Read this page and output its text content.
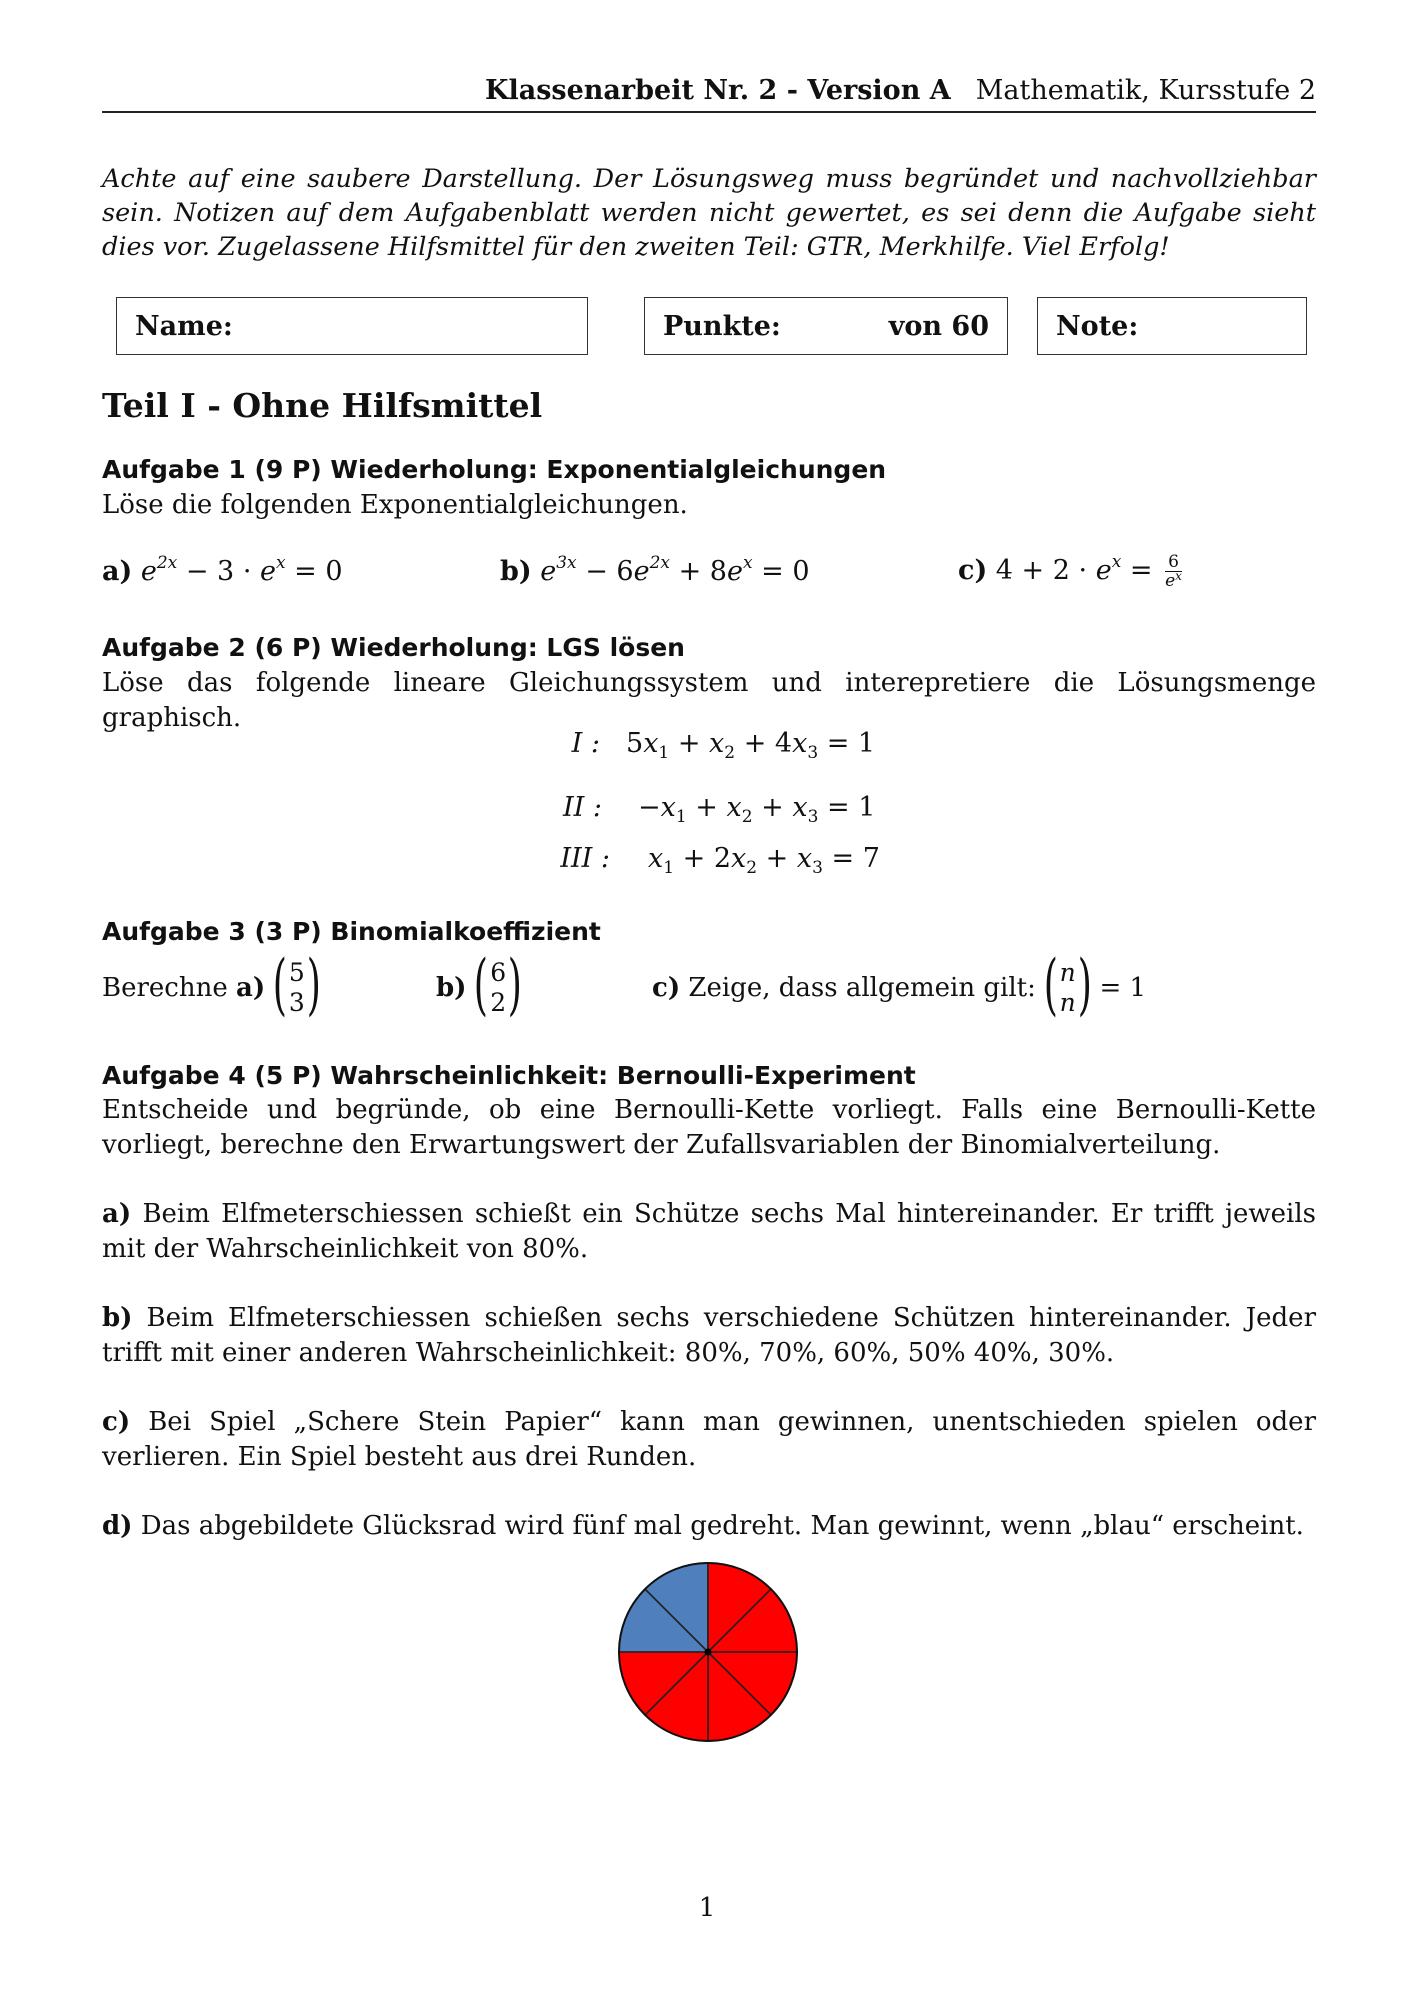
Klassenarbeit Nr. 2 - Version A Mathematik, Kursstufe 2
Achte auf eine saubere Darstellung. Der Lösungsweg muss begründet und nachvollziehbar sein. Notizen auf dem Aufgabenblatt werden nicht gewertet, es sei denn die Aufgabe sieht dies vor. Zugelassene Hilfsmittel für den zweiten Teil: GTR, Merkhilfe. Viel Erfolg!
Name:	Punkte:	von 60 Note:
Teil I - Ohne Hilfsmittel
Aufgabe 1 (9 P) Wiederholung: Exponentialgleichungen
Löse die folgenden Exponentialgleichungen.
a) $e^{2x} - 3 \cdot e^x = 0$	b) $e^{3x} - 6e^{2x} + 8e^x = 0$	c) $4 + 2 \cdot e^x = \frac{6}{e^x}$
Aufgabe 2 (6 P) Wiederholung: LGS lösen
Löse das folgende lineare Gleichungssystem und interepretiere die Lösungsmenge graphisch.
I : $5x_1 + x_2 + 4x_3 = 1$
II : $-x_1 + x_2 + x_3 = 1$
III : $x_1 + 2x_2 + x_3 = 7$
Aufgabe 3 (3 P) Binomialkoeffizient
Berechne
a) ( 5
3 )	b) ( 6
2 )	c)
Zeige, dass allgemein gilt: ( n
n ) = 1
Aufgabe 4 (5 P) Wahrscheinlichkeit: Bernoulli-Experiment
Entscheide und begründe, ob eine Bernoulli-Kette vorliegt. Falls eine Bernoulli-Kette vorliegt, berechne den Erwartungswert der Zufallsvariablen der Binomialverteilung.
a) Beim Elfmeterschiessen schießt ein Schütze sechs Mal hintereinander. Er trifft jeweils mit der Wahrscheinlichkeit von 80%.
b) Beim Elfmeterschiessen schießen sechs verschiedene Schützen hintereinander. Jeder trifft mit einer anderen Wahrscheinlichkeit: 80%, 70%, 60%, 50% 40%, 30%.
c) Bei Spiel „Schere Stein Papier“ kann man gewinnen, unentschieden spielen oder verlieren. Ein Spiel besteht aus drei Runden.
d) Das abgebildete Glücksrad wird fünf mal gedreht. Man gewinnt, wenn „blau“ erscheint.
1
